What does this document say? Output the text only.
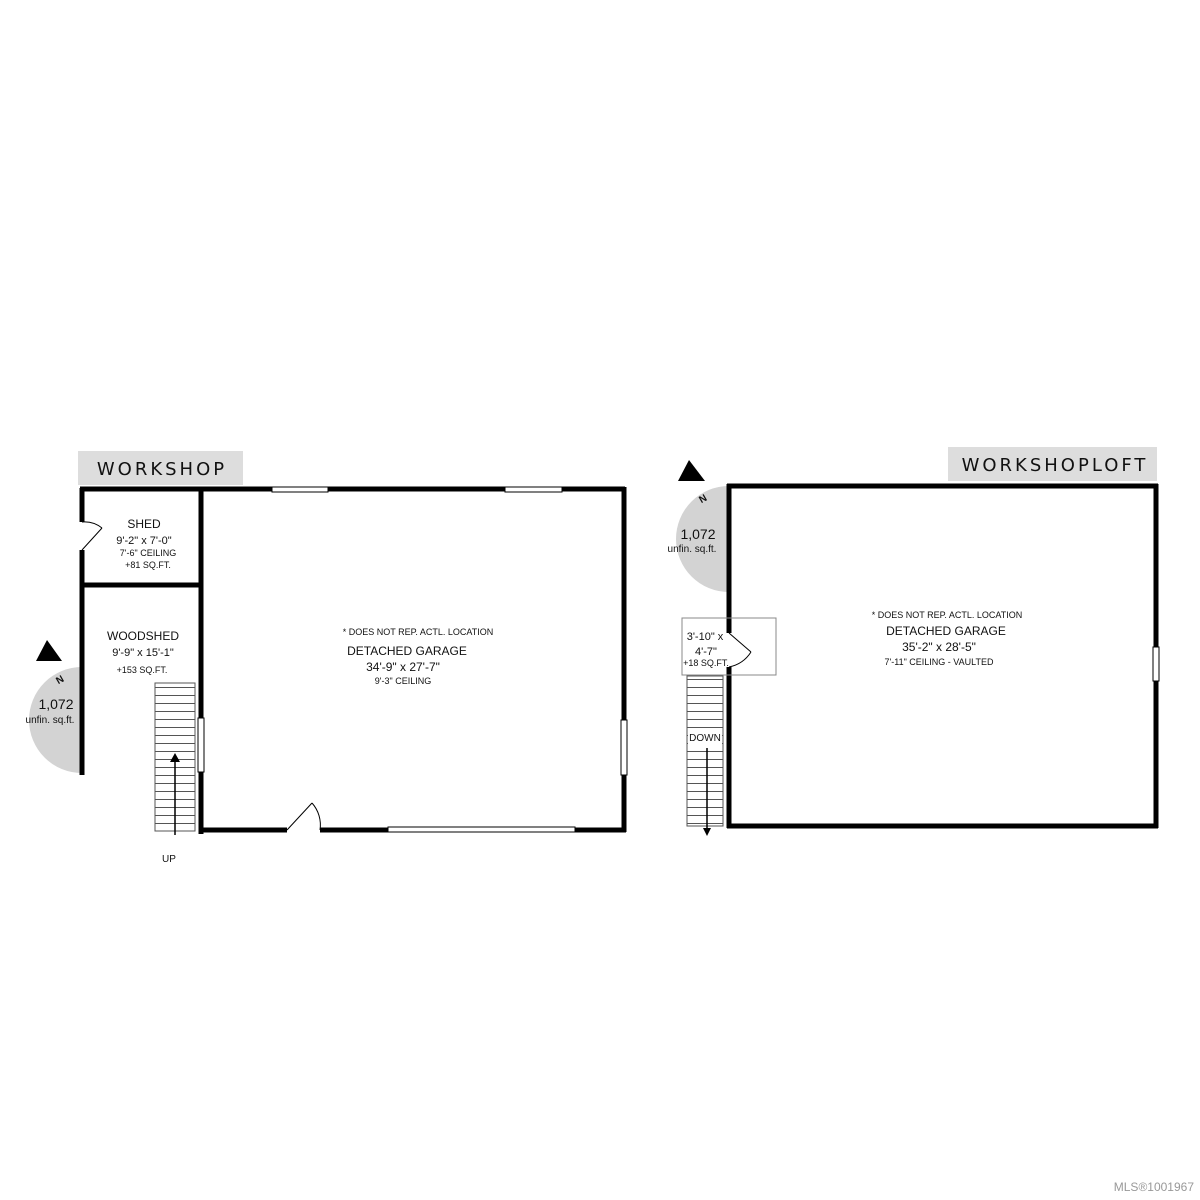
WORKSHOP
N
1,072
unfin. sq.ft.
UP
SHED
9'-2" x 7'-0"
7'-6" CEILING
+81 SQ.FT.
WOODSHED
9'-9" x 15'-1"
+153 SQ.FT.
* DOES NOT REP. ACTL. LOCATION
DETACHED GARAGE
34'-9" x 27'-7"
9'-3" CEILING
WORKSHOPLOFT
N
1,072
unfin. sq.ft.
3'-10" x
4'-7"
+18 SQ.FT.
DOWN
* DOES NOT REP. ACTL. LOCATION
DETACHED GARAGE
35'-2" x 28'-5"
7'-11" CEILING - VAULTED
MLS®1001967
